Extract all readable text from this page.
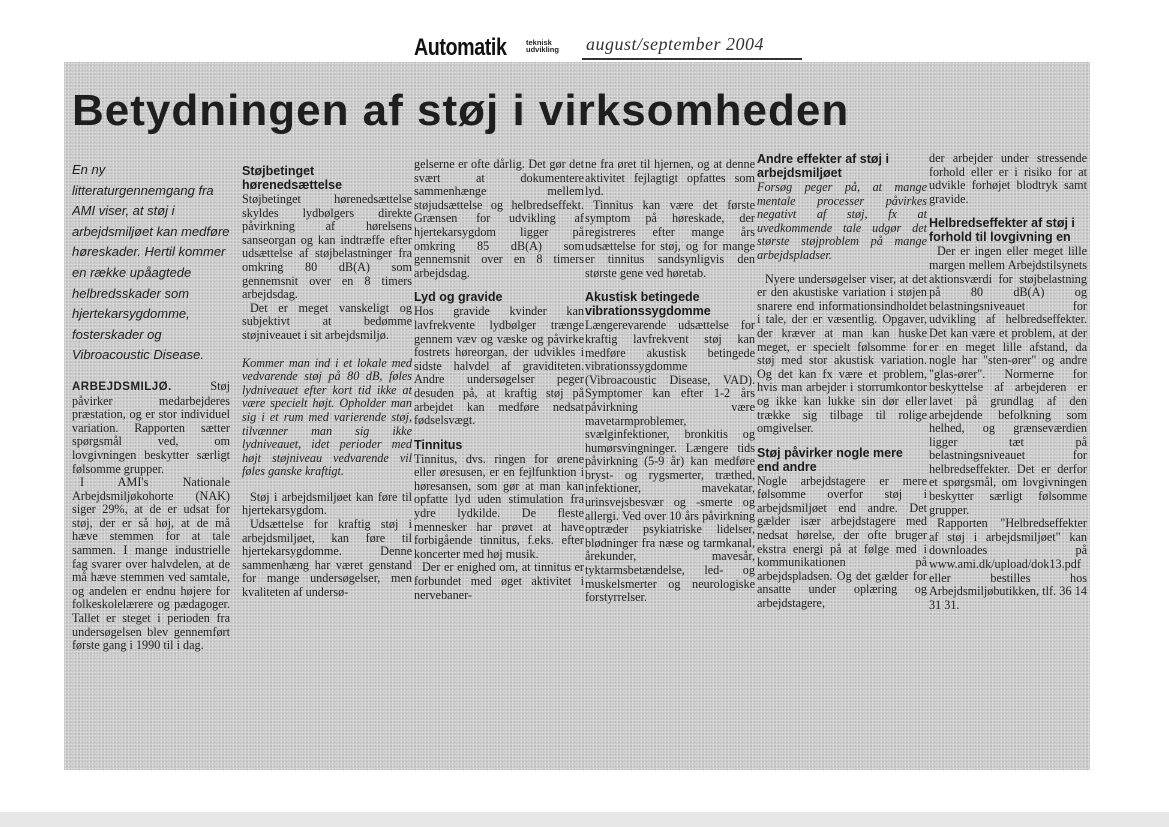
Automatik	teknisk udvikling	august/september 2004
Betydningen af støj i virksomheden

En ny litteraturgennemgang fra AMI viser, at støj i arbejdsmiljøet kan medføre høreskader. Hertil kommer en række upåagtede helbredsskader som hjertekarsygdomme, fosterskader og Vibroacoustic Disease.

ARBEJDSMILJØ. Støj påvirker medarbejderes præstation, og er stor individuel variation. Rapporten sætter spørgsmål ved, om lovgivningen beskytter særligt følsomme grupper.

I AMI's Nationale Arbejdsmiljøkohorte (NAK) siger 29%, at de er udsat for støj, der er så høj, at de må hæve stemmen for at tale sammen. I mange industrielle fag svarer over halvdelen, at de må hæve stemmen ved samtale, og andelen er endnu højere for folkeskolelærere og pædagoger. Tallet er steget i perioden fra undersøgelsen blev gennemført første gang i 1990 til i dag.

Støjbetinget hørenedsættelse

Støjbetinget hørenedsættelse skyldes lydbølgers direkte påvirkning af hørelsens sanseorgan og kan indtræffe efter udsættelse af støjbelastninger fra omkring 80 dB(A) som gennemsnit over en 8 timers arbejdsdag.

Det er meget vanskeligt og subjektivt at bedømme støjniveauet i sit arbejdsmiljø.

Kommer man ind i et lokale med vedvarende støj på 80 dB, føles lydniveauet efter kort tid ikke at være specielt højt. Opholder man sig i et rum med varierende støj, tilvænner man sig ikke lydniveauet, idet perioder med højt støjniveau vedvarende vil føles ganske kraftigt.

Støj i arbejdsmiljøet kan føre til hjertekarsygdom.

Udsættelse for kraftig støj i arbejdsmiljøet, kan føre til hjertekarsygdomme. Denne sammenhæng har været genstand for mange undersøgelser, men kvaliteten af undersø-

gelserne er ofte dårlig. Det gør det svært at dokumentere sammenhænge mellem støjudsættelse og helbredseffekt. Grænsen for udvikling af hjertekarsygdom ligger på omkring 85 dB(A) som gennemsnit over en 8 timers arbejdsdag.

Lyd og gravide

Hos gravide kvinder kan lavfrekvente lydbølger trænge gennem væv og væske og påvirke fostrets høreorgan, der udvikles i sidste halvdel af graviditeten. Andre undersøgelser peger desuden på, at kraftig støj på arbejdet kan medføre nedsat fødselsvægt.

Tinnitus

Tinnitus, dvs. ringen for ørene eller øresusen, er en fejlfunktion i høresansen, som gør at man kan opfatte lyd uden stimulation fra ydre lydkilde. De fleste mennesker har prøvet at have forbigående tinnitus, f.eks. efter koncerter med høj musik.

Der er enighed om, at tinnitus er forbundet med øget aktivitet i nervebaner-

ne fra øret til hjernen, og at denne aktivitet fejlagtigt opfattes som lyd.

Tinnitus kan være det første symptom på høreskade, der registreres efter mange års udsættelse for støj, og for mange er tinnitus sandsynligvis den største gene ved høretab.

Akustisk betingede vibrationssygdomme

Længerevarende udsættelse for kraftig lavfrekvent støj kan medføre akustisk betingede vibrationssygdomme (Vibroacoustic Disease, VAD). Symptomer kan efter 1-2 års påvirkning være mavetarmproblemer, svælginfektioner, bronkitis og humørsvingninger. Længere tids påvirkning (5-9 år) kan medføre bryst- og rygsmerter, træthed, infektioner, mavekatar, urinsvejsbesvær og -smerte og allergi. Ved over 10 års påvirkning optræder psykiatriske lidelser, blødninger fra næse og tarmkanal, årekunder, mavesår, tyktarmsbetændelse, led- og muskelsmerter og neurologiske forstyrrelser.

Andre effekter af støj i arbejdsmiljøet

Forsøg peger på, at mange mentale processer påvirkes negativt af støj, fx at uvedkommende tale udgør det største støjproblem på mange arbejdspladser.

Nyere undersøgelser viser, at det er den akustiske variation i støjen snarere end informationsindholdet i tale, der er væsentlig. Opgaver, der kræver at man kan huske meget, er specielt følsomme for støj med stor akustisk variation. Og det kan fx være et problem, hvis man arbejder i storrumkontor og ikke kan lukke sin dør eller trække sig tilbage til rolige omgivelser.

Støj påvirker nogle mere end andre

Nogle arbejdstagere er mere følsomme overfor støj i arbejdsmiljøet end andre. Det gælder især arbejdstagere med nedsat hørelse, der ofte bruger ekstra energi på at følge med i kommunikationen på arbejdspladsen. Og det gælder for ansatte under oplæring og arbejdstagere,

der arbejder under stressende forhold eller er i risiko for at udvikle forhøjet blodtryk samt gravide.

Helbredseffekter af støj i forhold til lovgivning en

Der er ingen eller meget lille margen mellem Arbejdstilsynets aktionsværdi for støjbelastning på 80 dB(A) og belastningsniveauet for udvikling af helbredseffekter. Det kan være et problem, at der er en meget lille afstand, da nogle har "sten-ører" og andre "glas-ører". Normerne for beskyttelse af arbejderen er lavet på grundlag af den arbejdende befolkning som helhed, og grænseværdien ligger tæt på belastningsniveauet for helbredseffekter. Det er derfor et spørgsmål, om lovgivningen beskytter særligt følsomme grupper.

Rapporten "Helbredseffekter af støj i arbejdsmiljøet" kan downloades på www.ami.dk/upload/dok13.pdf eller bestilles hos Arbejdsmiljøbutikken, tlf. 36 14 31 31.
